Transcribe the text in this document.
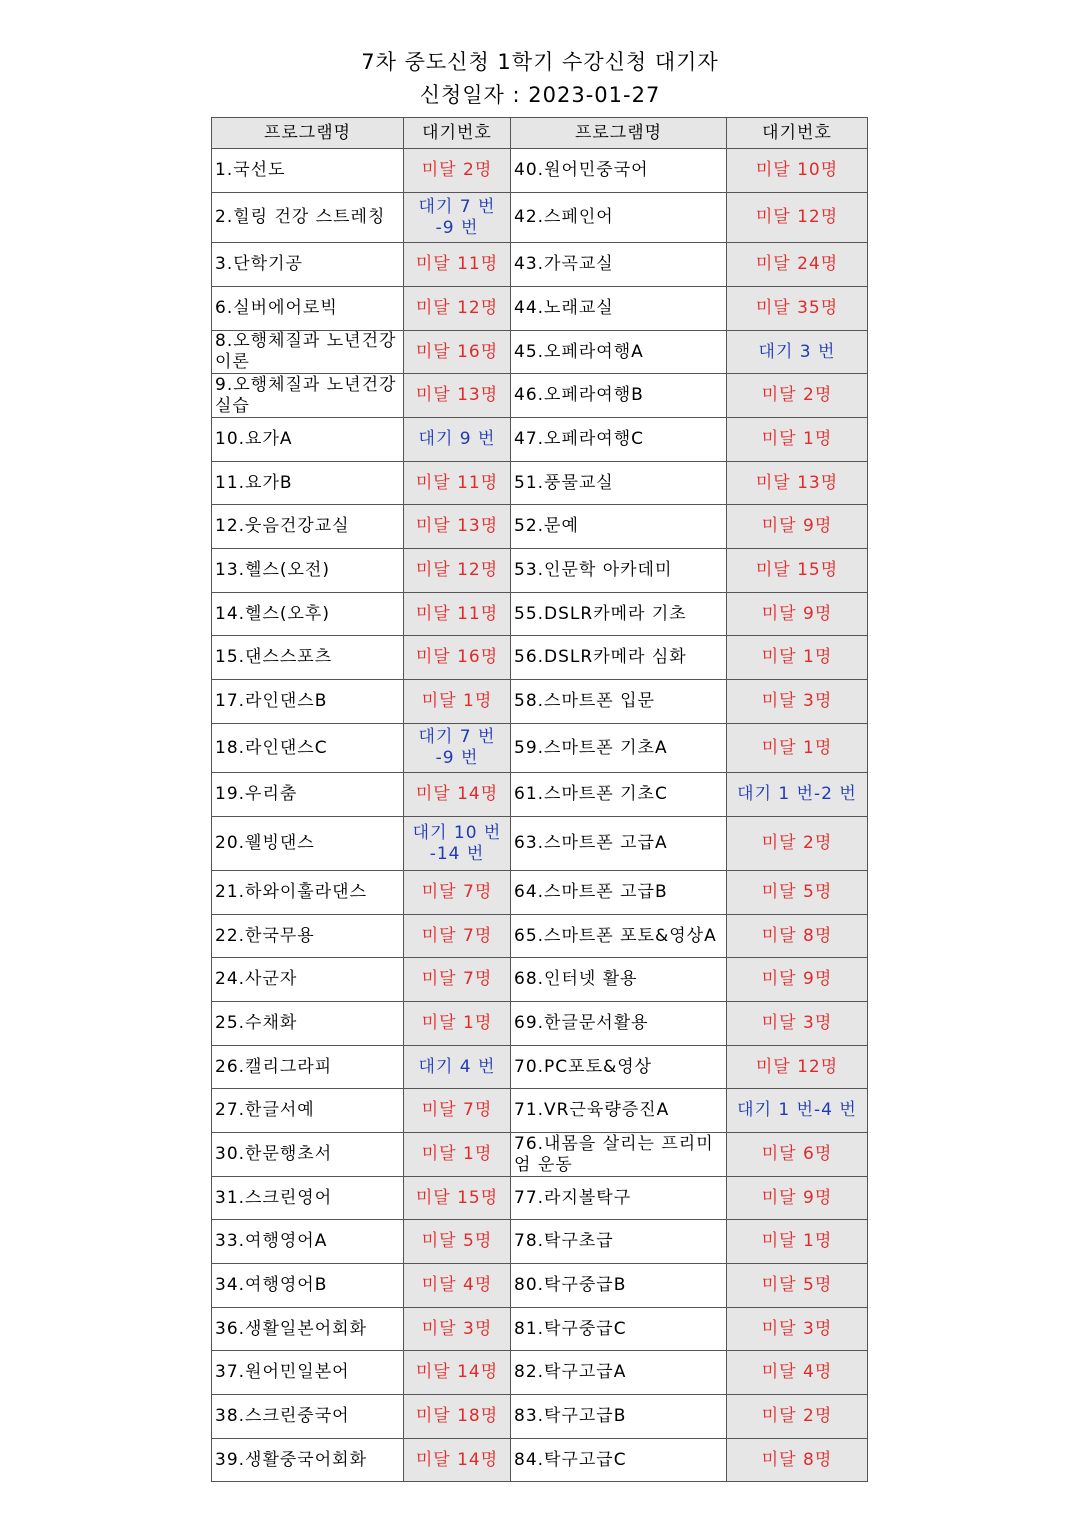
7차 중도신청 1학기 수강신청 대기자
신청일자 : 2023-01-27
프로그램명	대기번호	프로그램명	대기번호
1.국선도	미달 2명	40.원어민중국어	미달 10명
2.힐링 건강 스트레칭	대기 7 번 -9 번	42.스페인어	미달 12명
3.단학기공	미달 11명	43.가곡교실	미달 24명
6.실버에어로빅	미달 12명	44.노래교실	미달 35명
8.오행체질과 노년건강 이론	미달 16명	45.오페라여행A	대기 3 번
9.오행체질과 노년건강 실습	미달 13명	46.오페라여행B	미달 2명
10.요가A	대기 9 번	47.오페라여행C	미달 1명
11.요가B	미달 11명	51.풍물교실	미달 13명
12.웃음건강교실	미달 13명	52.문예	미달 9명
13.헬스(오전)	미달 12명	53.인문학 아카데미	미달 15명
14.헬스(오후)	미달 11명	55.DSLR카메라 기초	미달 9명
15.댄스스포츠	미달 16명	56.DSLR카메라 심화	미달 1명
17.라인댄스B	미달 1명	58.스마트폰 입문	미달 3명
18.라인댄스C	대기 7 번 -9 번	59.스마트폰 기초A	미달 1명
19.우리춤	미달 14명	61.스마트폰 기초C	대기 1 번-2 번
20.웰빙댄스	대기 10 번 -14 번	63.스마트폰 고급A	미달 2명
21.하와이훌라댄스	미달 7명	64.스마트폰 고급B	미달 5명
22.한국무용	미달 7명	65.스마트폰 포토&영상A	미달 8명
24.사군자	미달 7명	68.인터넷 활용	미달 9명
25.수채화	미달 1명	69.한글문서활용	미달 3명
26.캘리그라피	대기 4 번	70.PC포토&영상	미달 12명
27.한글서예	미달 7명	71.VR근육량증진A	대기 1 번-4 번
30.한문행초서	미달 1명	76.내몸을 살리는 프리미엄 운동	미달 6명
31.스크린영어	미달 15명	77.라지볼탁구	미달 9명
33.여행영어A	미달 5명	78.탁구초급	미달 1명
34.여행영어B	미달 4명	80.탁구중급B	미달 5명
36.생활일본어회화	미달 3명	81.탁구중급C	미달 3명
37.원어민일본어	미달 14명	82.탁구고급A	미달 4명
38.스크린중국어	미달 18명	83.탁구고급B	미달 2명
39.생활중국어회화	미달 14명	84.탁구고급C	미달 8명
